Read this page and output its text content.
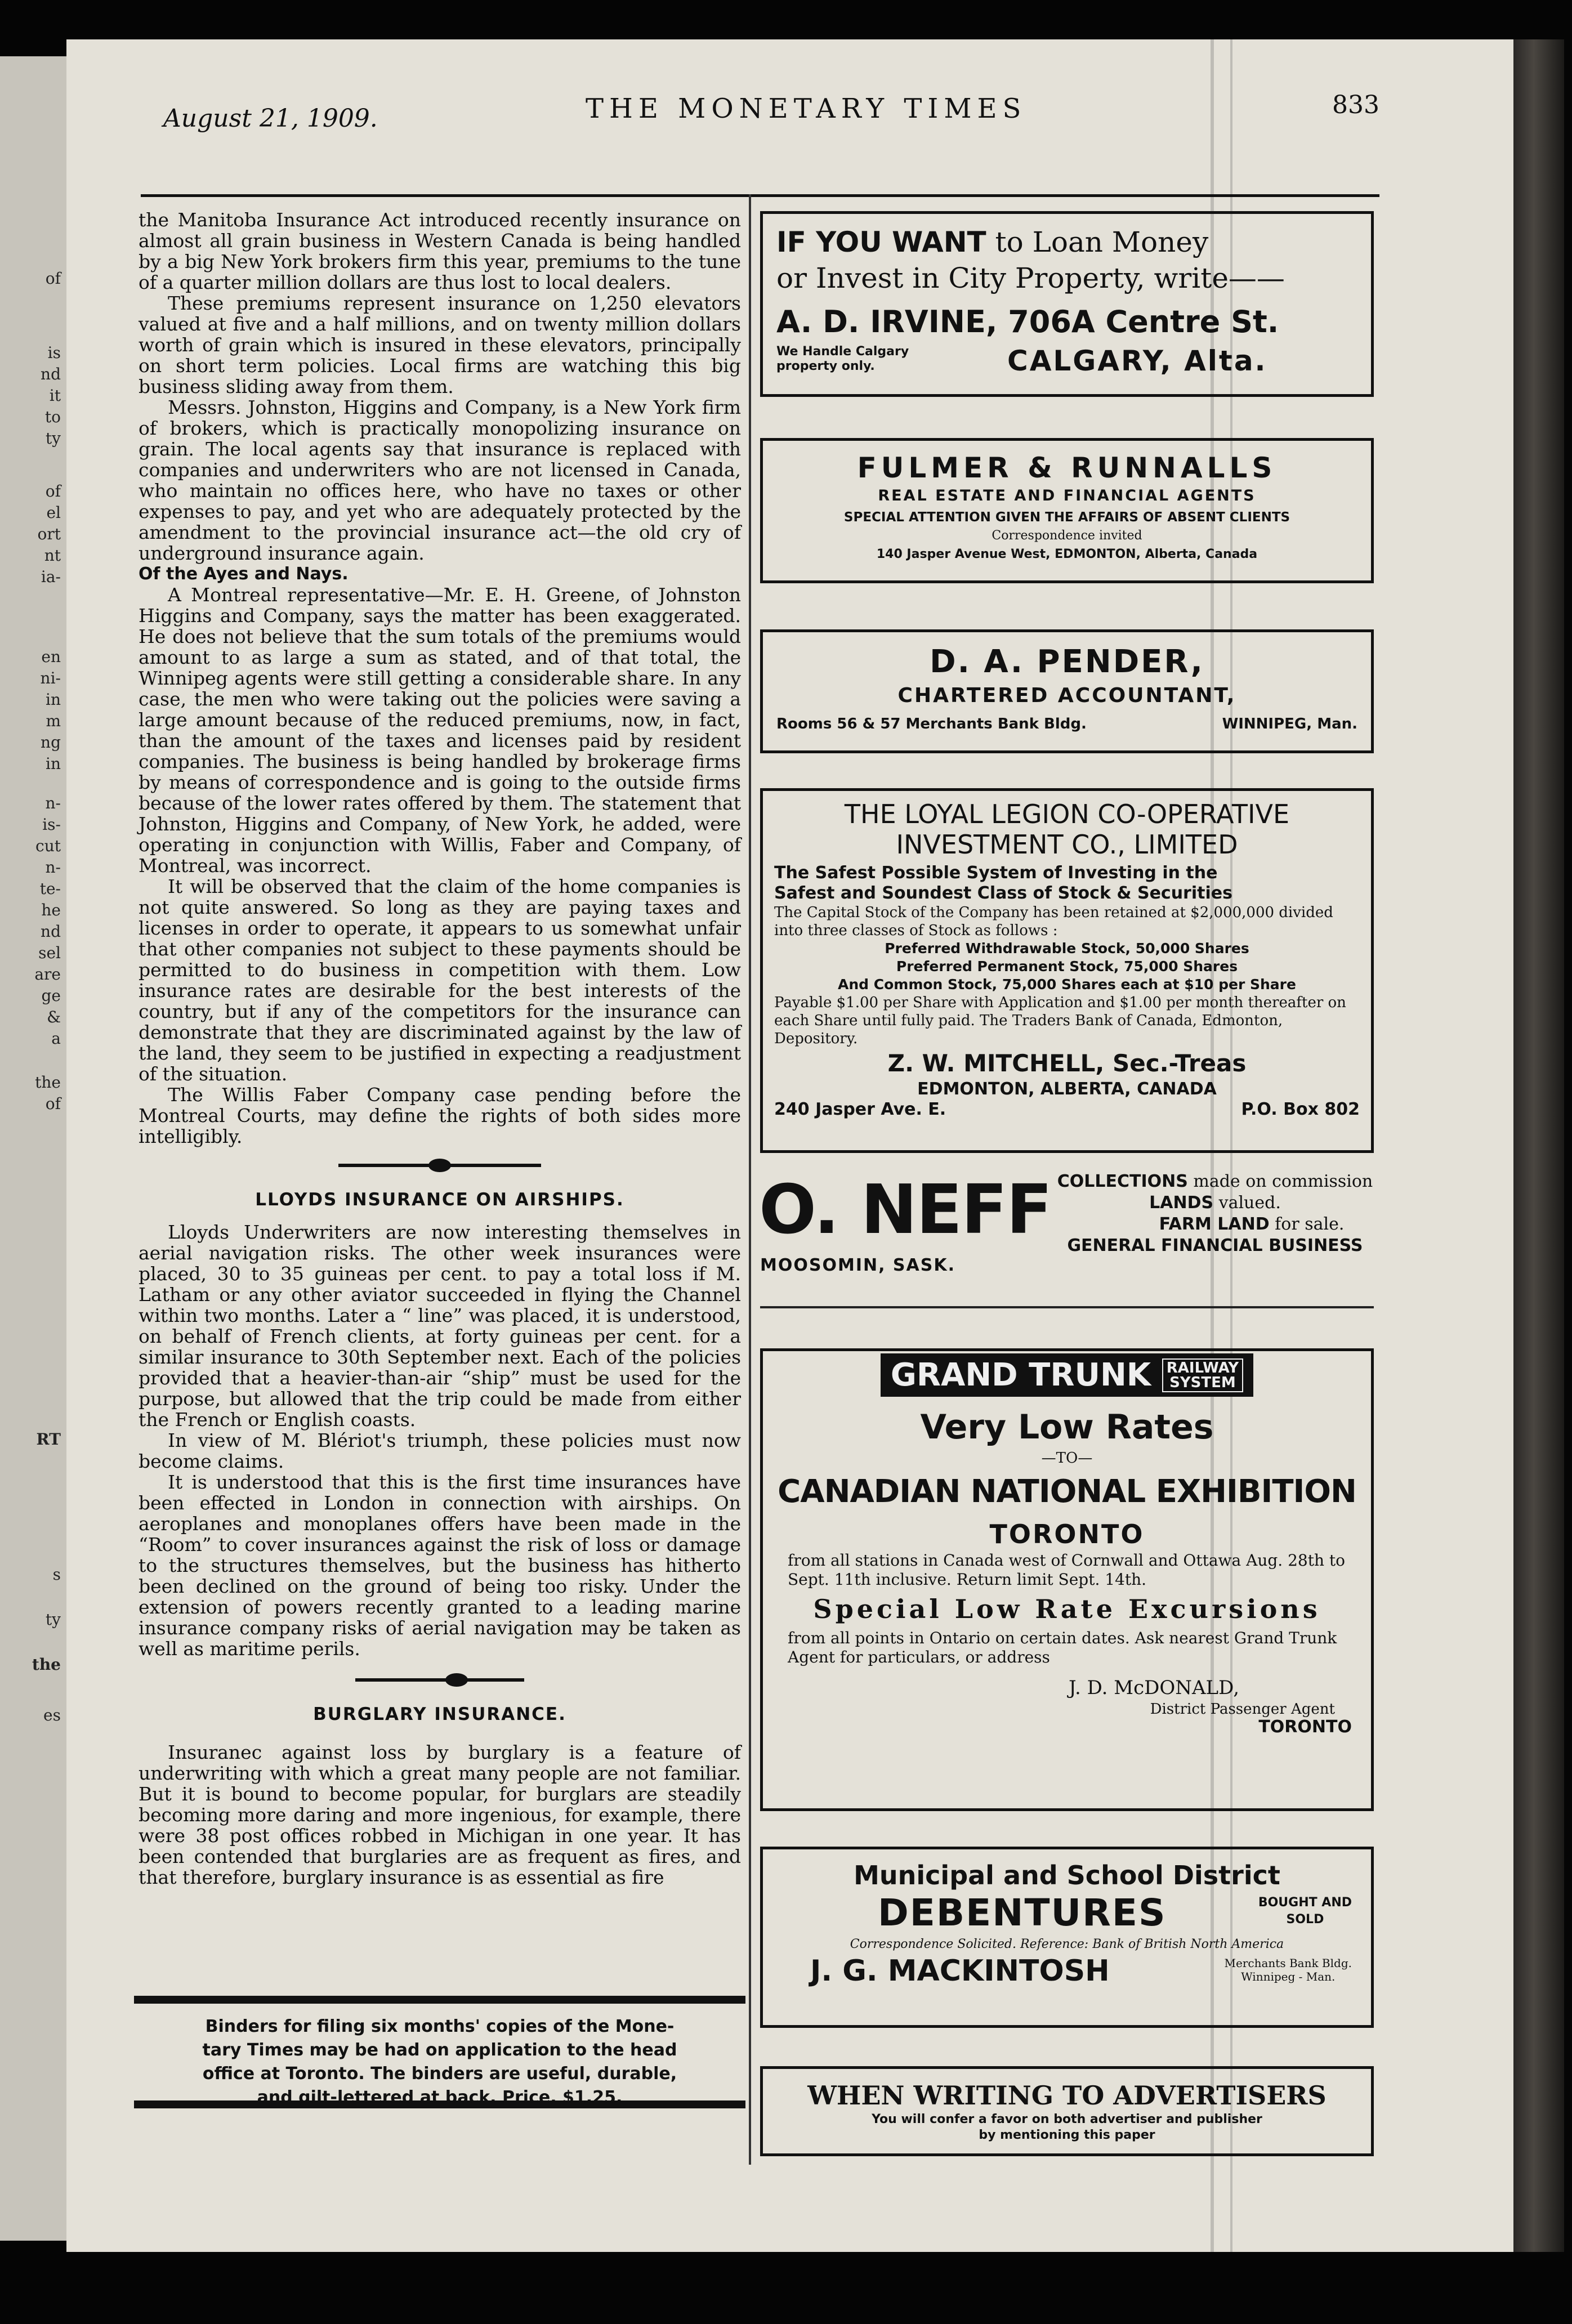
of
is
nd
it
to
ty
of
el
ort
nt
ia-
en
ni-
in
m
ng
in
n-
is-
cut
n-
te-
he
nd
sel
are
ge
&
a
the
of
RT
s
ty
the
es
August 21, 1909.	THE MONETARY TIMES	833

the Manitoba Insurance Act introduced recently insurance on almost all grain business in Western Canada is being handled by a big New York brokers firm this year, premiums to the tune of a quarter million dollars are thus lost to local dealers.

These premiums represent insurance on 1,250 elevators valued at five and a half millions, and on twenty million dollars worth of grain which is insured in these elevators, principally on short term policies. Local firms are watching this big business sliding away from them.

Messrs. Johnston, Higgins and Company, is a New York firm of brokers, which is practically monopolizing insurance on grain. The local agents say that insurance is replaced with companies and underwriters who are not licensed in Canada, who maintain no offices here, who have no taxes or other expenses to pay, and yet who are adequately protected by the amendment to the provincial insurance act—the old cry of underground insurance again.

Of the Ayes and Nays.

A Montreal representative—Mr. E. H. Greene, of Johnston Higgins and Company, says the matter has been exaggerated. He does not believe that the sum totals of the premiums would amount to as large a sum as stated, and of that total, the Winnipeg agents were still getting a considerable share. In any case, the men who were taking out the policies were saving a large amount because of the reduced premiums, now, in fact, than the amount of the taxes and licenses paid by resident companies. The business is being handled by brokerage firms by means of correspondence and is going to the outside firms because of the lower rates offered by them. The statement that Johnston, Higgins and Company, of New York, he added, were operating in conjunction with Willis, Faber and Company, of Montreal, was incorrect.

It will be observed that the claim of the home companies is not quite answered. So long as they are paying taxes and licenses in order to operate, it appears to us somewhat unfair that other companies not subject to these payments should be permitted to do business in competition with them. Low insurance rates are desirable for the best interests of the country, but if any of the competitors for the insurance can demonstrate that they are discriminated against by the law of the land, they seem to be justified in expecting a readjustment of the situation.

The Willis Faber Company case pending before the Montreal Courts, may define the rights of both sides more intelligibly.

LLOYDS INSURANCE ON AIRSHIPS.

Lloyds Underwriters are now interesting themselves in aerial navigation risks. The other week insurances were placed, 30 to 35 guineas per cent. to pay a total loss if M. Latham or any other aviator succeeded in flying the Channel within two months. Later a “ line” was placed, it is understood, on behalf of French clients, at forty guineas per cent. for a similar insurance to 30th September next. Each of the policies provided that a heavier-than-air “ship” must be used for the purpose, but allowed that the trip could be made from either the French or English coasts.

In view of M. Blériot's triumph, these policies must now become claims.

It is understood that this is the first time insurances have been effected in London in connection with airships. On aeroplanes and monoplanes offers have been made in the “Room” to cover insurances against the risk of loss or damage to the structures themselves, but the business has hitherto been declined on the ground of being too risky. Under the extension of powers recently granted to a leading marine insurance company risks of aerial navigation may be taken as well as maritime perils.

BURGLARY INSURANCE.

Insuranec against loss by burglary is a feature of underwriting with which a great many people are not familiar. But it is bound to become popular, for burglars are steadily becoming more daring and more ingenious, for example, there were 38 post offices robbed in Michigan in one year. It has been contended that burglaries are as frequent as fires, and that therefore, burglary insurance is as essential as fire

Binders for filing six months' copies of the Mone-
tary Times may be had on application to the head
office at Toronto. The binders are useful, durable,
and gilt-lettered at back. Price, $1.25.
IF YOU WANT to Loan Money
or Invest in City Property, write——
A. D. IRVINE, 706A Centre St.
We Handle Calgary property only.	CALGARY, Alta.
FULMER & RUNNALLS
REAL ESTATE AND FINANCIAL AGENTS
SPECIAL ATTENTION GIVEN THE AFFAIRS OF ABSENT CLIENTS
Correspondence invited
140 Jasper Avenue West, EDMONTON, Alberta, Canada
D. A. PENDER,
CHARTERED ACCOUNTANT,
Rooms 56 & 57 Merchants Bank Bldg.	WINNIPEG, Man.
THE LOYAL LEGION CO-OPERATIVE
INVESTMENT CO., LIMITED
The Safest Possible System of Investing in the
Safest and Soundest Class of Stock & Securities
The Capital Stock of the Company has been retained at $2,000,000 divided into three classes of Stock as follows :
Preferred Withdrawable Stock, 50,000 Shares
Preferred Permanent Stock, 75,000 Shares
And Common Stock, 75,000 Shares each at $10 per Share
Payable $1.00 per Share with Application and $1.00 per month thereafter on each Share until fully paid. The Traders Bank of Canada, Edmonton, Depository.
Z. W. MITCHELL, Sec.-Treas
EDMONTON, ALBERTA, CANADA
240 Jasper Ave. E.	P.O. Box 802
O. NEFF
MOOSOMIN, SASK.
COLLECTIONS made on commission
LANDS valued.
FARM LAND for sale.
GENERAL FINANCIAL BUSINESS
GRAND TRUNK RAILWAY
SYSTEM
Very Low Rates
—TO—
CANADIAN NATIONAL EXHIBITION
TORONTO
from all stations in Canada west of Cornwall and Ottawa Aug. 28th to Sept. 11th inclusive. Return limit Sept. 14th.
Special Low Rate Excursions
from all points in Ontario on certain dates. Ask nearest Grand Trunk Agent for particulars, or address
J. D. McDONALD,
District Passenger Agent
TORONTO
Municipal and School District
DEBENTURES	BOUGHT AND
SOLD
Correspondence Solicited. Reference: Bank of British North America
J. G. MACKINTOSH	Merchants Bank Bldg.
Winnipeg - Man.
WHEN WRITING TO ADVERTISERS
You will confer a favor on both advertiser and publisher
by mentioning this paper
